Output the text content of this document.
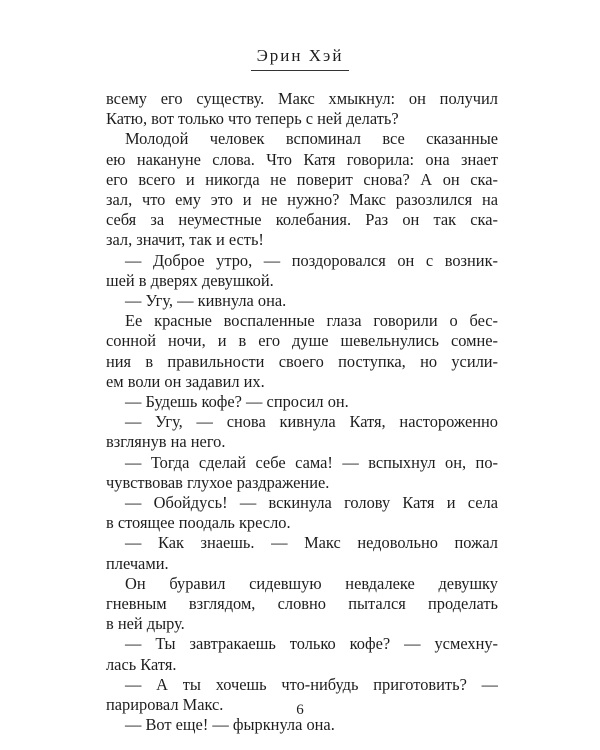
Эрин Хэй
всему его существу. Макс хмыкнул: он получил
Катю, вот только что теперь с ней делать?
Молодой человек вспоминал все сказанные
ею накануне слова. Что Катя говорила: она знает
его всего и никогда не поверит снова? А он ска-
зал, что ему это и не нужно? Макс разозлился на
себя за неуместные колебания. Раз он так ска-
зал, значит, так и есть!
— Доброе утро, — поздоровался он с возник-
шей в дверях девушкой.
— Угу, — кивнула она.
Ее красные воспаленные глаза говорили о бес-
сонной ночи, и в его душе шевельнулись сомне-
ния в правильности своего поступка, но усили-
ем воли он задавил их.
— Будешь кофе? — спросил он.
— Угу, — снова кивнула Катя, настороженно
взглянув на него.
— Тогда сделай себе сама! — вспыхнул он, по-
чувствовав глухое раздражение.
— Обойдусь! — вскинула голову Катя и села
в стоящее поодаль кресло.
— Как знаешь. — Макс недовольно пожал
плечами.
Он буравил сидевшую невдалеке девушку
гневным взглядом, словно пытался проделать
в ней дыру.
— Ты завтракаешь только кофе? — усмехну-
лась Катя.
— А ты хочешь что-нибудь приготовить? —
парировал Макс.
— Вот еще! — фыркнула она.
6
